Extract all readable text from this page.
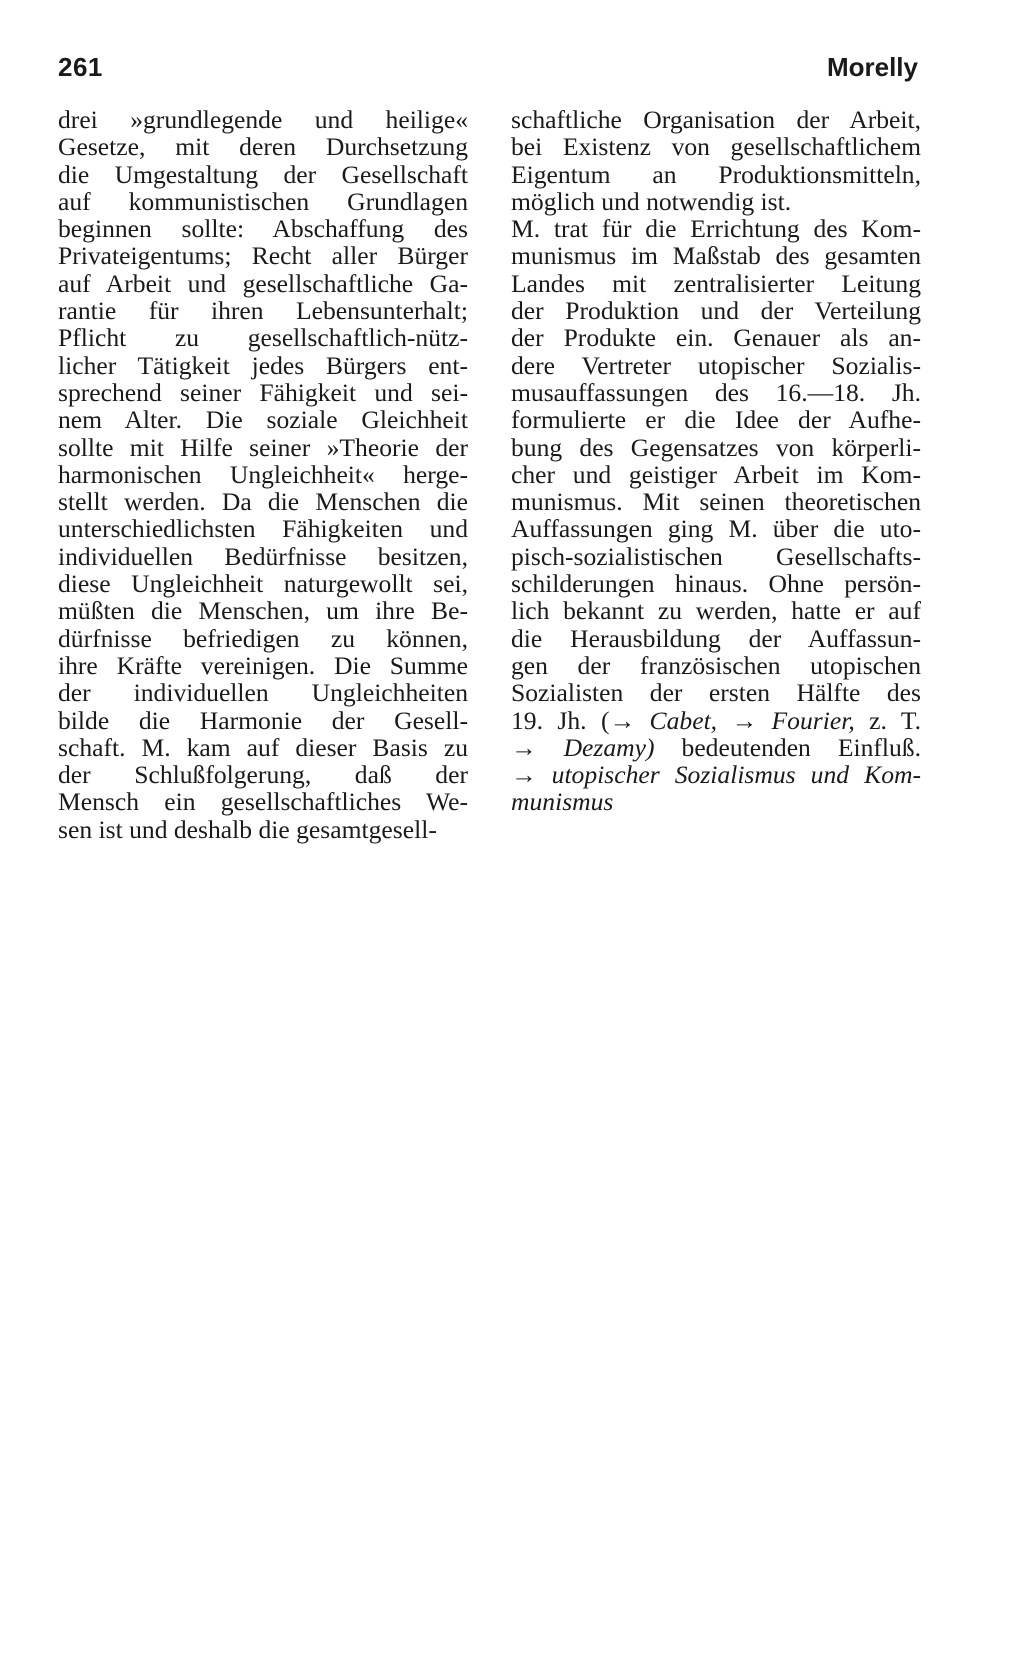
261	Morelly
drei »grundlegende und heilige«
Gesetze, mit deren Durchsetzung
die Umgestaltung der Gesellschaft
auf kommunistischen Grundlagen
beginnen sollte: Abschaffung des
Privateigentums; Recht aller Bürger
auf Arbeit und gesellschaftliche Ga-
rantie für ihren Lebensunterhalt;
Pflicht zu gesellschaftlich-nütz-
licher Tätigkeit jedes Bürgers ent-
sprechend seiner Fähigkeit und sei-
nem Alter. Die soziale Gleichheit
sollte mit Hilfe seiner »Theorie der
harmonischen Ungleichheit« herge-
stellt werden. Da die Menschen die
unterschiedlichsten Fähigkeiten und
individuellen Bedürfnisse besitzen,
diese Ungleichheit naturgewollt sei,
müßten die Menschen, um ihre Be-
dürfnisse befriedigen zu können,
ihre Kräfte vereinigen. Die Summe
der individuellen Ungleichheiten
bilde die Harmonie der Gesell-
schaft. M. kam auf dieser Basis zu
der Schlußfolgerung, daß der
Mensch ein gesellschaftliches We-
sen ist und deshalb die gesamtgesell-
schaftliche Organisation der Arbeit,
bei Existenz von gesellschaftlichem
Eigentum an Produktionsmitteln,
möglich und notwendig ist.
M. trat für die Errichtung des Kom-
munismus im Maßstab des gesamten
Landes mit zentralisierter Leitung
der Produktion und der Verteilung
der Produkte ein. Genauer als an-
dere Vertreter utopischer Sozialis-
musauffassungen des 16.—18. Jh.
formulierte er die Idee der Aufhe-
bung des Gegensatzes von körperli-
cher und geistiger Arbeit im Kom-
munismus. Mit seinen theoretischen
Auffassungen ging M. über die uto-
pisch-sozialistischen Gesellschafts-
schilderungen hinaus. Ohne persön-
lich bekannt zu werden, hatte er auf
die Herausbildung der Auffassun-
gen der französischen utopischen
Sozialisten der ersten Hälfte des
19. Jh. (→ Cabet, → Fourier, z. T.
→ Dezamy) bedeutenden Einfluß.
→ utopischer Sozialismus und Kom-
munismus
